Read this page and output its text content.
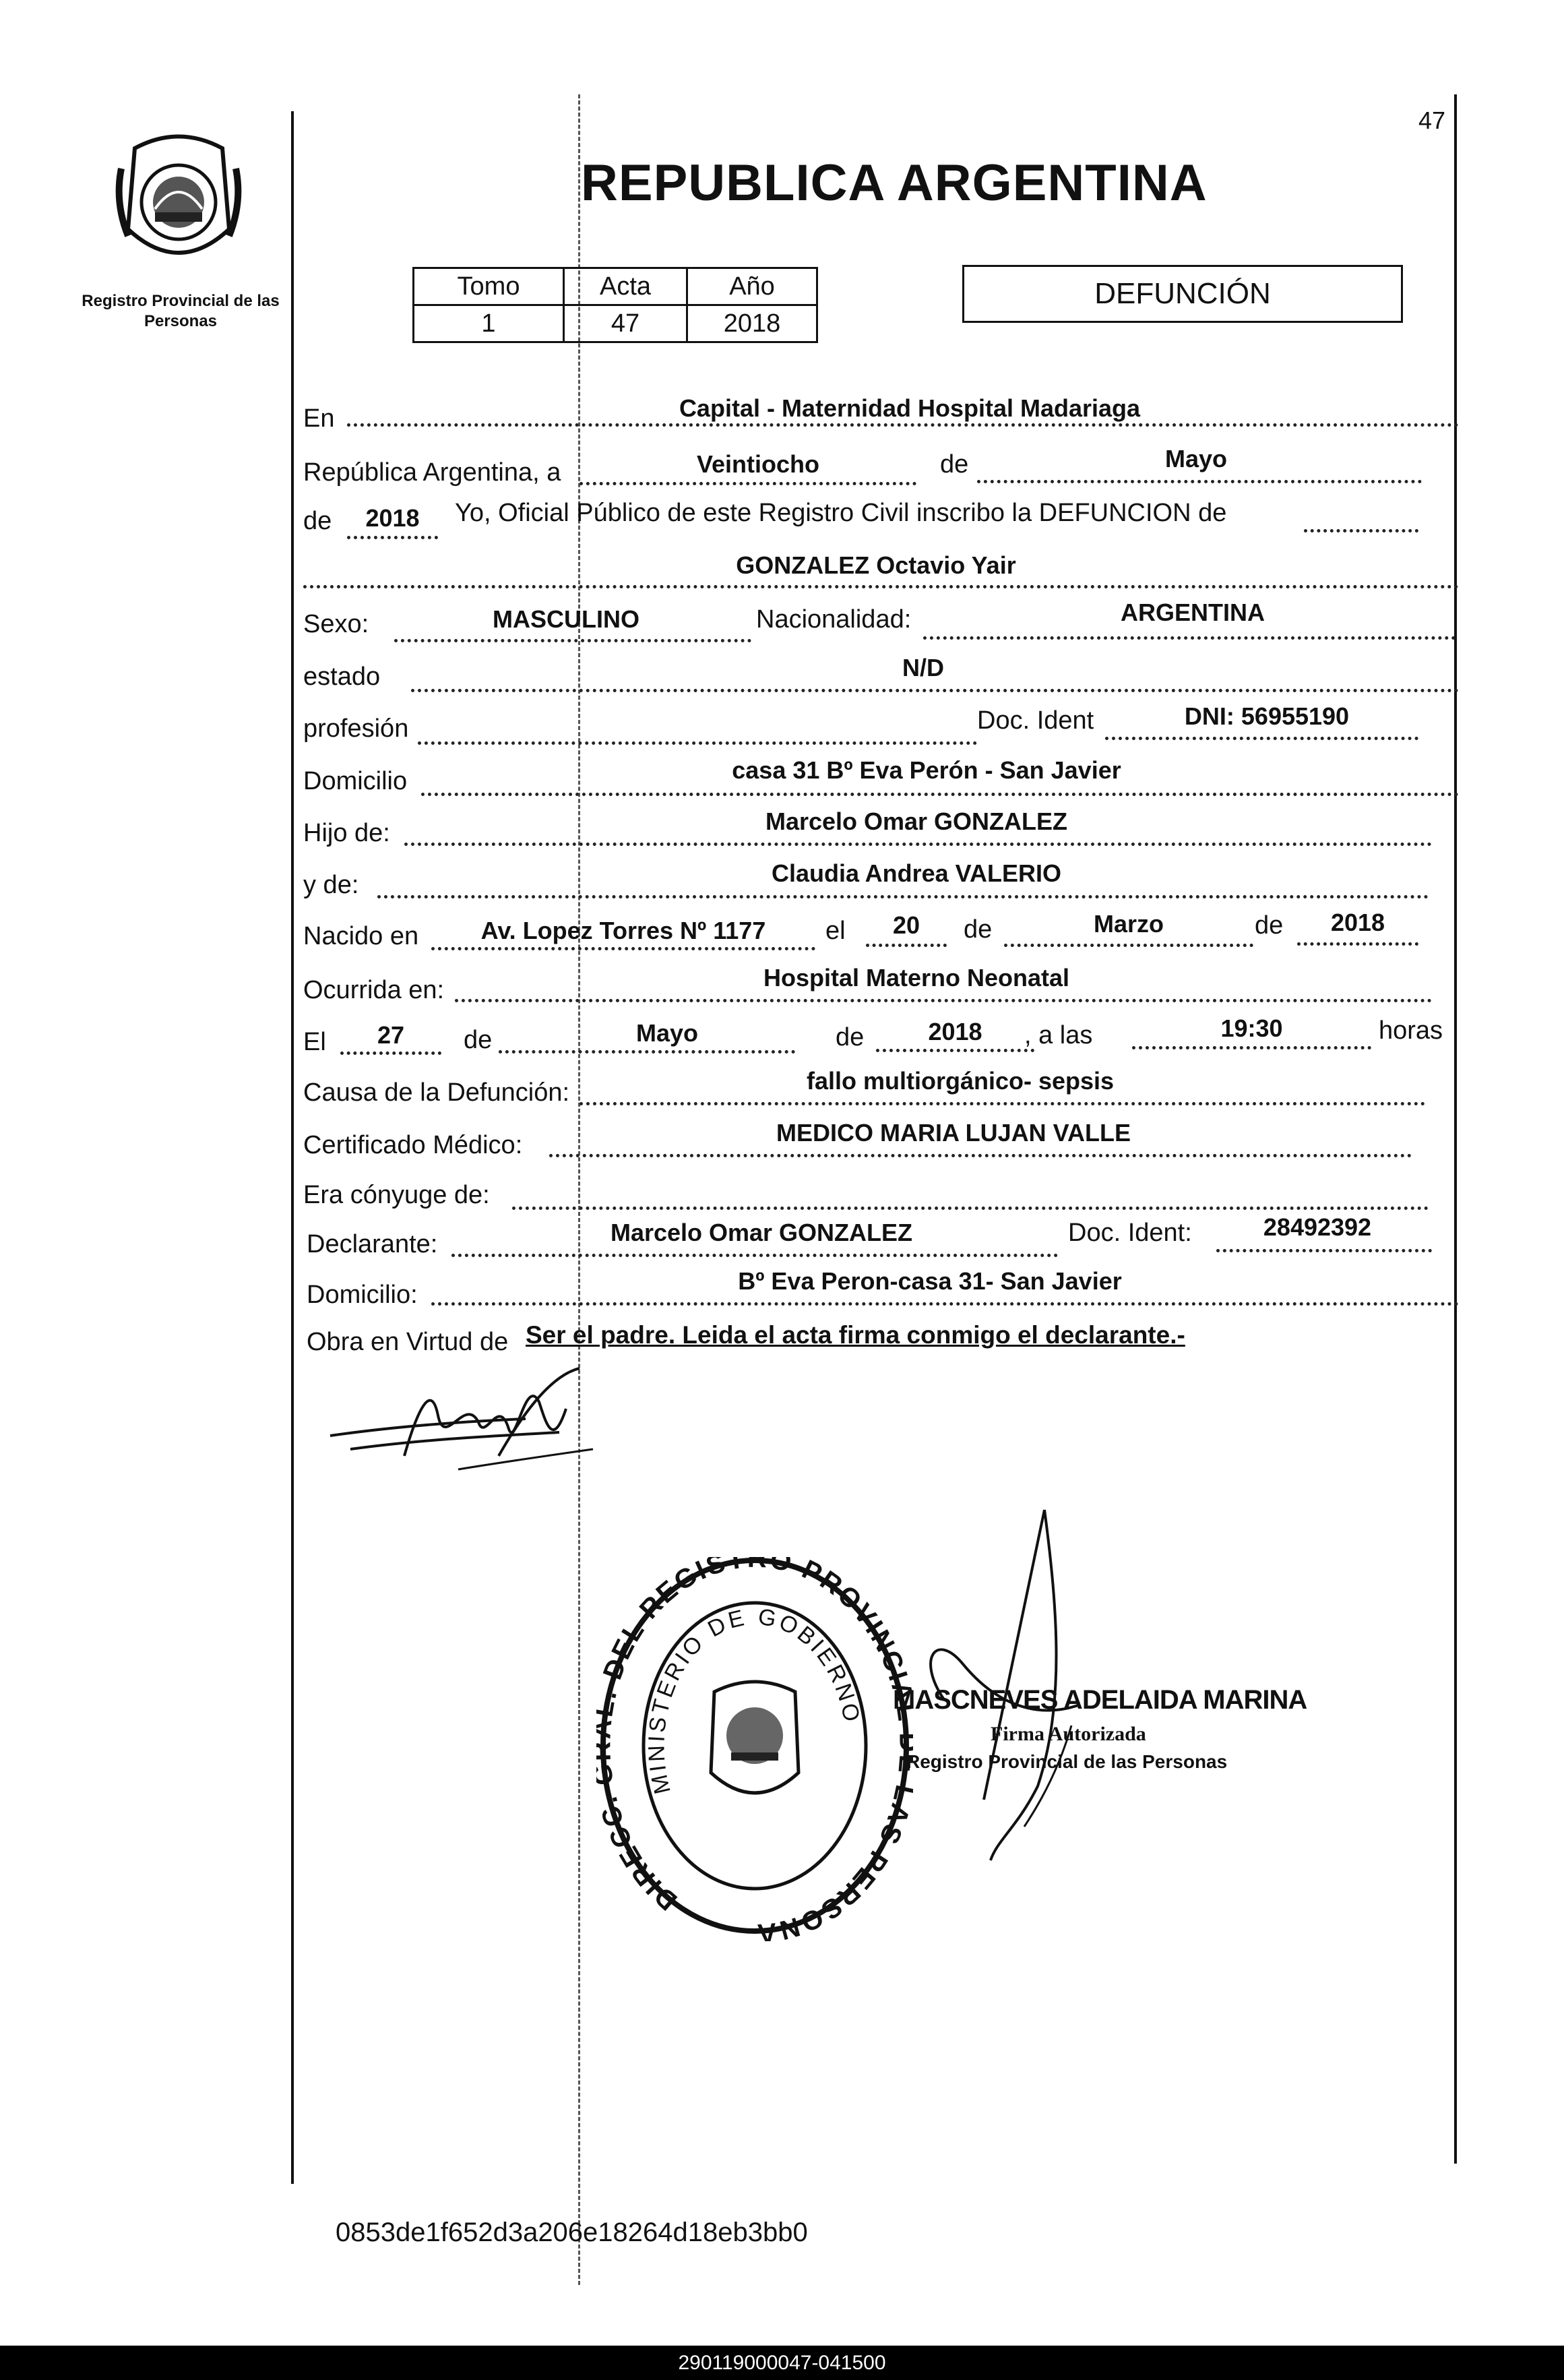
47
Registro Provincial de las Personas
REPUBLICA ARGENTINA
Tomo	Acta	Año
1	47	2018
DEFUNCIÓN
En	Capital - Maternidad Hospital Madariaga
República Argentina, a	Veintiocho	de	Mayo
de	2018	Yo, Oficial Público de este Registro Civil inscribo la DEFUNCION de
GONZALEZ Octavio Yair
Sexo:	MASCULINO	Nacionalidad:	ARGENTINA
estado	N/D
profesión	Doc. Ident	DNI: 56955190
Domicilio	casa 31 Bº Eva Perón - San Javier
Hijo de:	Marcelo Omar GONZALEZ
y de:	Claudia Andrea VALERIO
Nacido en	Av. Lopez Torres Nº 1177	el	20	de	Marzo	de	2018
Ocurrida en:	Hospital Materno Neonatal
El	27	de	Mayo	de	2018	, a las	19:30	horas
Causa de la Defunción:	fallo multiorgánico- sepsis
Certificado Médico:	MEDICO MARIA LUJAN VALLE
Era cónyuge de:
Declarante:	Marcelo Omar GONZALEZ	Doc. Ident:	28492392
Domicilio:	Bº Eva Peron-casa 31- San Javier
Obra en Virtud de Ser el padre. Leida el acta firma conmigo el declarante.-
DIRECC DEL REGISTRO PROVINCI AS PERSONA
MINISTERIO DE GOBIERNO MASCNEVES ADELAIDA MARINA
Firma Autorizada
Registro Provincial de las Personas
0853de1f652d3a206e18264d18eb3bb0
290119000047-041500
